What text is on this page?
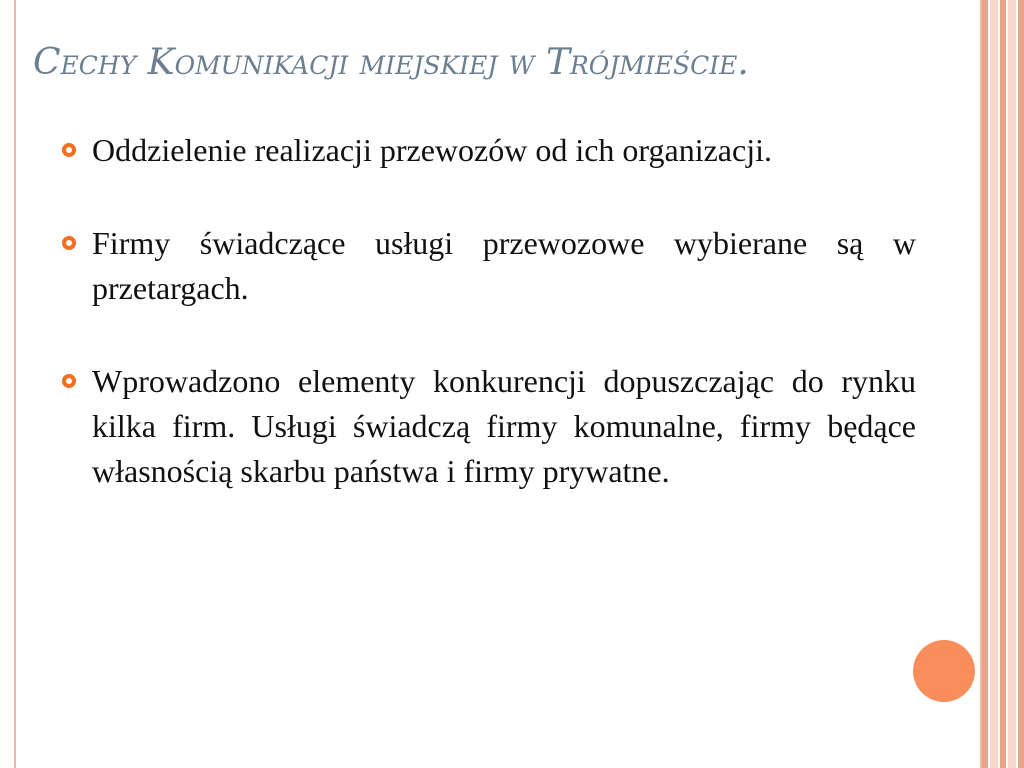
Cechy Komunikacji miejskiej w Trójmieście.
Oddzielenie realizacji przewozów od ich organizacji.
Firmy świadczące usługi przewozowe wybierane są w przetargach.
Wprowadzono elementy konkurencji dopuszczając do rynku kilka firm. Usługi świadczą firmy komunalne, firmy będące własnością skarbu państwa i firmy prywatne.
